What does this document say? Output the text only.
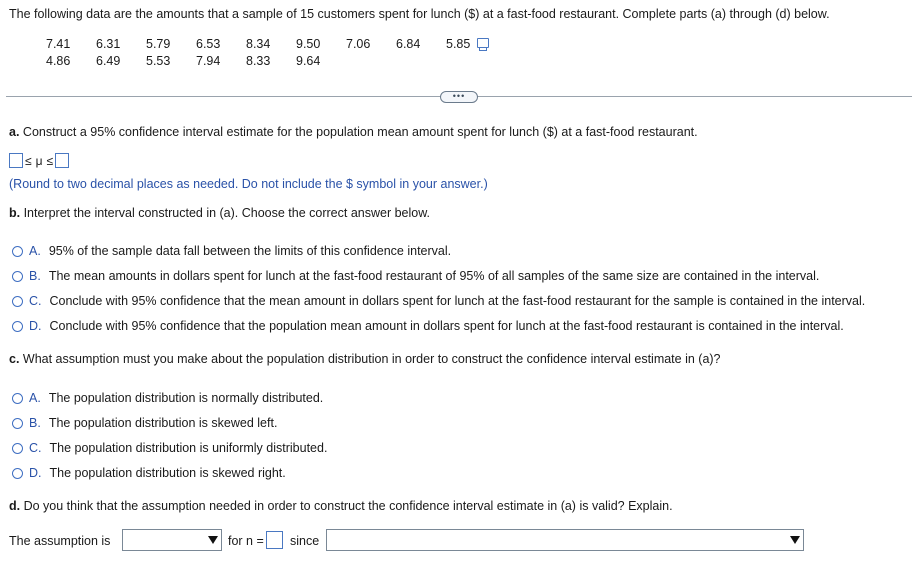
The following data are the amounts that a sample of 15 customers spent for lunch ($) at a fast-food restaurant. Complete parts (a) through (d) below.
7.41	6.31	5.79	6.53	8.34	9.50	7.06	6.84	5.85
4.86	6.49	5.53	7.94	8.33	9.64
•••
a. Construct a 95% confidence interval estimate for the population mean amount spent for lunch ($) at a fast-food restaurant.
≤ μ ≤
(Round to two decimal places as needed. Do not include the $ symbol in your answer.)
b. Interpret the interval constructed in (a). Choose the correct answer below.
A. 95% of the sample data fall between the limits of this confidence interval.
B. The mean amounts in dollars spent for lunch at the fast-food restaurant of 95% of all samples of the same size are contained in the interval.
C. Conclude with 95% confidence that the mean amount in dollars spent for lunch at the fast-food restaurant for the sample is contained in the interval.
D. Conclude with 95% confidence that the population mean amount in dollars spent for lunch at the fast-food restaurant is contained in the interval.
c. What assumption must you make about the population distribution in order to construct the confidence interval estimate in (a)?
A. The population distribution is normally distributed.
B. The population distribution is skewed left.
C. The population distribution is uniformly distributed.
D. The population distribution is skewed right.
d. Do you think that the assumption needed in order to construct the confidence interval estimate in (a) is valid? Explain.
The assumption is	for n = since
